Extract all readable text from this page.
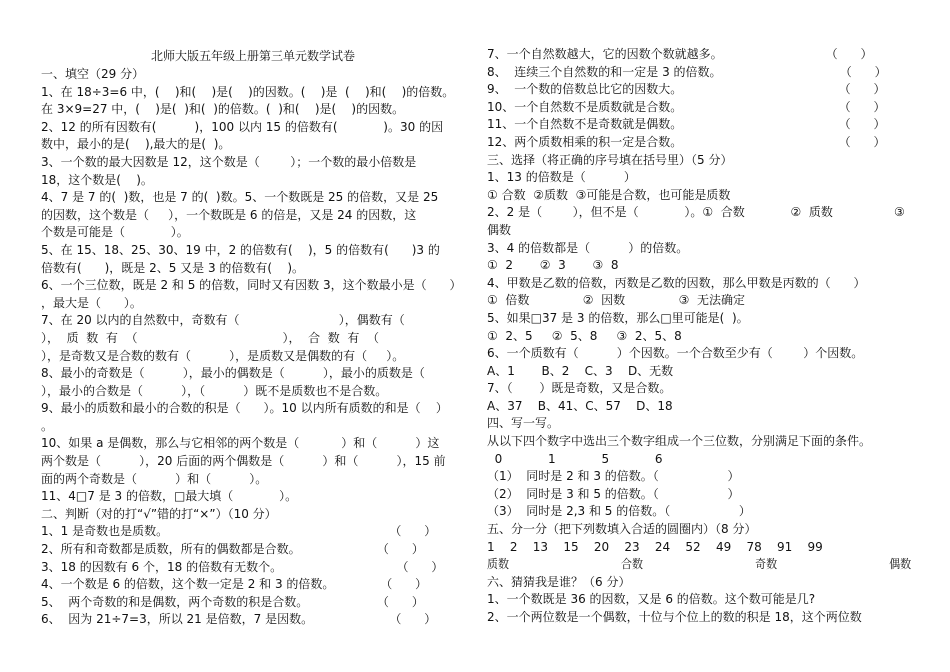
北师大版五年级上册第三单元数学试卷
一、填空（29 分）
1、在 18÷3=6 中，(    )和(    )是(    )的因数。(    )是  (    )和(    )的倍数。
在 3×9=27 中，(    )是(  )和(  )的倍数。(  )和(    )是(    )的因数。
2、12 的所有因数有(          )，100 以内 15 的倍数有(            )。30 的因
数中，最小的是(    ),最大的是(  )。
3、一个数的最大因数是 12，这个数是（        ）；一个数的最小倍数是
18，这个数是(    )。
4、7 是 7 的(  )数，也是 7 的(  )数。5、一个数既是 25 的倍数，又是 25
的因数，这个数是（     ），一个数既是 6 的倍是，又是 24 的因数，这
个数是可能是（            ）。
5、在 15、18、25、30、19 中，2 的倍数有(    )，5 的倍数有(      )3 的
倍数有(      )，既是 2、5 又是 3 的倍数有(    )。
6、一个三位数，既是 2 和 5 的倍数，同时又有因数 3，这个数最小是（      ）
，最大是（      ）。
7、在 20 以内的自然数中，奇数有（                          ），偶数有（
），  质  数  有  （                                      ），  合  数  有  （
），是奇数又是合数的数有（          ），是质数又是偶数的有（     ）。
8、最小的奇数是（          ），最小的偶数是（          ），最小的质数是（
），最小的合数是（          ），（          ）既不是质数也不是合数。
9、最小的质数和最小的合数的积是（      ）。10 以内所有质数的和是（    ）
。
10、如果 a 是偶数，那么与它相邻的两个数是（           ）和（          ）这
两个数是（          ），20 后面的两个偶数是（          ）和（          ），15 前
面的两个奇数是（          ）和（          ）。
11、4□7 是 3 的倍数，□最大填（            ）。
二、判断（对的打“√”错的打“×”）（10 分）
1、1 是奇数也是质数。                                                          （      ）
2、所有和奇数都是质数，所有的偶数都是合数。                    （      ）
3、18 的因数有 6 个，18 的倍数有无数个。                              （      ）
4、一个数是 6 的倍数，这个数一定是 2 和 3 的倍数。            （      ）
5、  两个奇数的和是偶数，两个奇数的积是合数。                  （      ）
6、  因为 21÷7=3，所以 21 是倍数，7 是因数。                    （      ）
7、一个自然数越大，它的因数个数就越多。                           （      ）
8、  连续三个自然数的和一定是 3 的倍数。                               （      ）
9、  一个数的倍数总比它的因数大。                                         （      ）
10、一个自然数不是质数就是合数。                                         （      ）
11、一个自然数不是奇数就是偶数。                                         （      ）
12、两个质数相乘的积一定是合数。                                         （      ）
三、选择（将正确的序号填在括号里）（5 分）
1、13 的倍数是（          ）
① 合数  ②质数  ③可能是合数，也可能是质数
2、2 是（        ），但不是（            ）。①  合数            ②  质数                ③
偶数
3、4 的倍数都是（          ）的倍数。
①  2       ②  3       ③  8
4、甲数是乙数的倍数，丙数是乙数的因数，那么甲数是丙数的（      ）
①  倍数              ②  因数              ③  无法确定
5、如果□37 是 3 的倍数，那么□里可能是(  )。
①  2、5     ②  5、8     ③  2、5、8
6、一个质数有（          ）个因数。一个合数至少有（        ）个因数。
A、1       B、2    C、3    D、无数
7、（       ）既是奇数，又是合数。
A、37    B、41、C、57    D、18
四、写一写。
从以下四个数字中选出三个数字组成一个三位数，分别满足下面的条件。
0            1            5            6
（1）  同时是 2 和 3 的倍数。（                  ）
（2）  同时是 3 和 5 的倍数。（                  ）
（3）  同时是 2,3 和 5 的倍数。（                  ）
五、分一分（把下列数填入合适的圆圈内）（8 分）
1    2    13    15    20    23    24    52    49    78    91    99
质数                                合数                                奇数                                偶数
六、猜猜我是谁？（6 分）
1、一个数既是 36 的因数，又是 6 的倍数。这个数可能是几?
2、一个两位数是一个偶数，十位与个位上的数的积是 18，这个两位数
